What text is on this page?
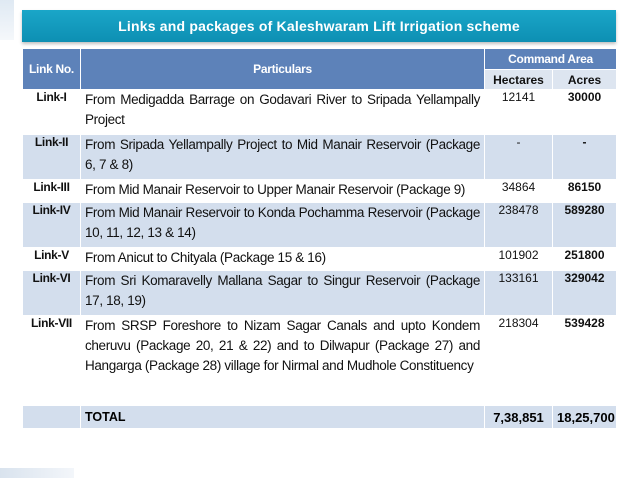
Links and packages of Kaleshwaram Lift Irrigation scheme
Link No.	Particulars	Command Area	
		Hectares	Acres
Link-I	From Medigadda Barrage on Godavari River to Sripada Yellampally Project	12141	30000
Link-II	From Sripada Yellampally Project to Mid Manair Reservoir (Package 6, 7 & 8)	-	-
Link-III	From Mid Manair Reservoir to Upper Manair Reservoir (Package 9)	34864	86150
Link-IV	From Mid Manair Reservoir to Konda Pochamma Reservoir (Package 10, 11, 12, 13 & 14)	238478	589280
Link-V	From Anicut to Chityala (Package 15 & 16)	101902	251800
Link-VI	From Sri Komaravelly Mallana Sagar to Singur Reservoir (Package 17, 18, 19)	133161	329042
Link-VII	From SRSP Foreshore to Nizam Sagar Canals and upto Kondem cheruvu (Package 20, 21 & 22) and to Dilwapur (Package 27) and Hangarga (Package 28) village for Nirmal and Mudhole Constituency	218304	539428
	TOTAL	7,38,851	18,25,700
